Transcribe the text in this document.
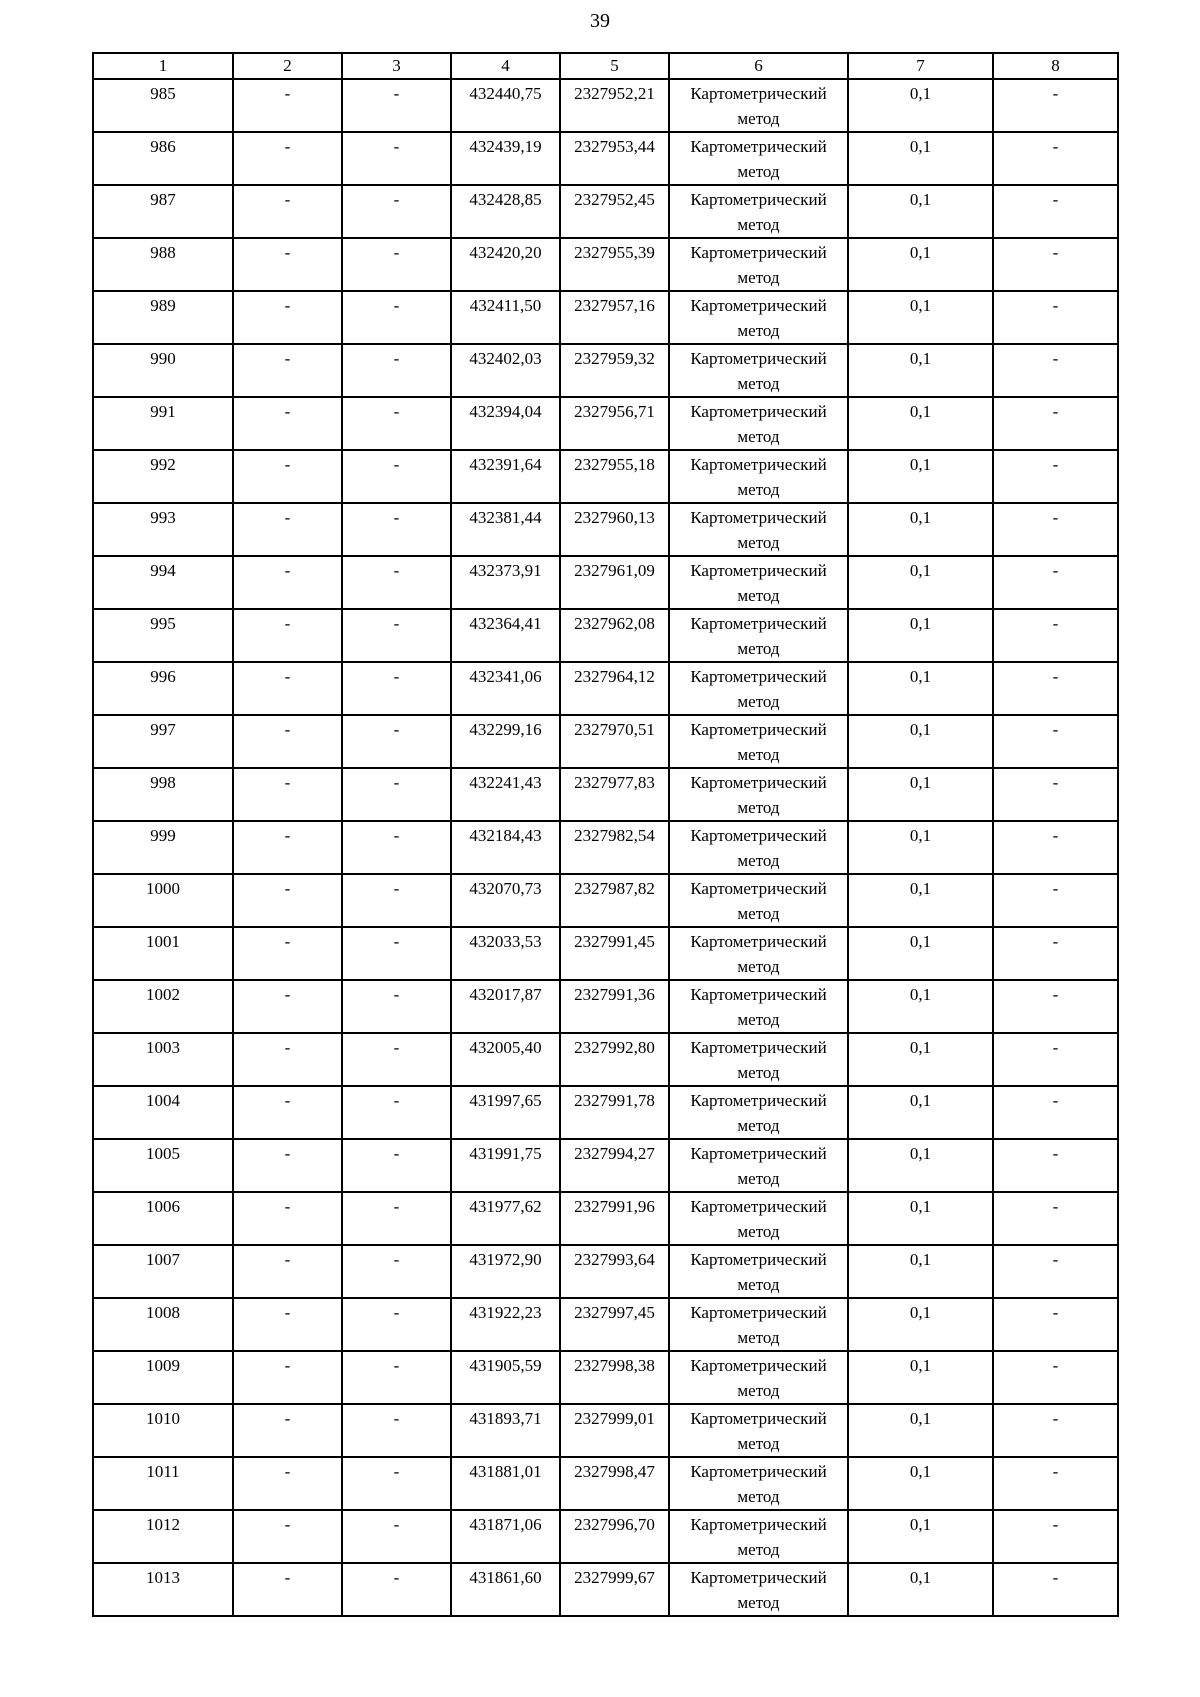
39
1	2	3	4	5	6	7	8
985	-	-	432440,75	2327952,21	Картометрический метод	0,1	-
986	-	-	432439,19	2327953,44	Картометрический метод	0,1	-
987	-	-	432428,85	2327952,45	Картометрический метод	0,1	-
988	-	-	432420,20	2327955,39	Картометрический метод	0,1	-
989	-	-	432411,50	2327957,16	Картометрический метод	0,1	-
990	-	-	432402,03	2327959,32	Картометрический метод	0,1	-
991	-	-	432394,04	2327956,71	Картометрический метод	0,1	-
992	-	-	432391,64	2327955,18	Картометрический метод	0,1	-
993	-	-	432381,44	2327960,13	Картометрический метод	0,1	-
994	-	-	432373,91	2327961,09	Картометрический метод	0,1	-
995	-	-	432364,41	2327962,08	Картометрический метод	0,1	-
996	-	-	432341,06	2327964,12	Картометрический метод	0,1	-
997	-	-	432299,16	2327970,51	Картометрический метод	0,1	-
998	-	-	432241,43	2327977,83	Картометрический метод	0,1	-
999	-	-	432184,43	2327982,54	Картометрический метод	0,1	-
1000	-	-	432070,73	2327987,82	Картометрический метод	0,1	-
1001	-	-	432033,53	2327991,45	Картометрический метод	0,1	-
1002	-	-	432017,87	2327991,36	Картометрический метод	0,1	-
1003	-	-	432005,40	2327992,80	Картометрический метод	0,1	-
1004	-	-	431997,65	2327991,78	Картометрический метод	0,1	-
1005	-	-	431991,75	2327994,27	Картометрический метод	0,1	-
1006	-	-	431977,62	2327991,96	Картометрический метод	0,1	-
1007	-	-	431972,90	2327993,64	Картометрический метод	0,1	-
1008	-	-	431922,23	2327997,45	Картометрический метод	0,1	-
1009	-	-	431905,59	2327998,38	Картометрический метод	0,1	-
1010	-	-	431893,71	2327999,01	Картометрический метод	0,1	-
1011	-	-	431881,01	2327998,47	Картометрический метод	0,1	-
1012	-	-	431871,06	2327996,70	Картометрический метод	0,1	-
1013	-	-	431861,60	2327999,67	Картометрический метод	0,1	-
